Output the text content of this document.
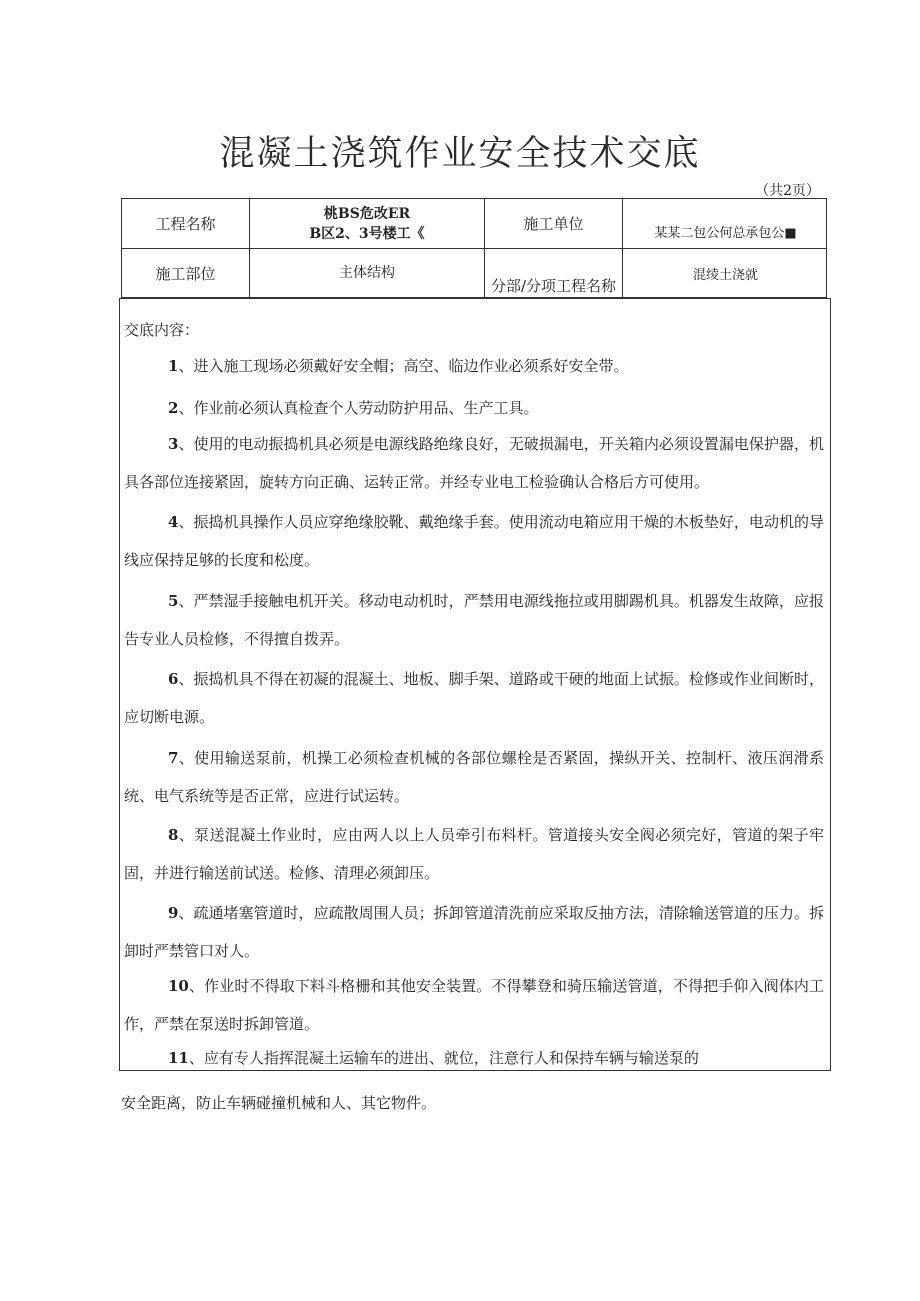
混凝土浇筑作业安全技术交底
（共2页）
工程名称
桃BS危改ER
B区2、3号楼工《
施工单位
某某二包公何总承包公■
施工部位	主体结构
分部/分项工程名称
混绫土浇就
交底内容：

1、进入施工现场必须戴好安全帽；高空、临边作业必须系好安全带。

2、作业前必须认真检查个人劳动防护用品、生产工具。

3、使用的电动振捣机具必须是电源线路绝缘良好，无破损漏电，开关箱内必须设置漏电保护器，机具各部位连接紧固，旋转方向正确、运转正常。并经专业电工检验确认合格后方可使用。

4、振捣机具操作人员应穿绝缘胶靴、戴绝缘手套。使用流动电箱应用干燥的木板垫好，电动机的导线应保持足够的长度和松度。

5、严禁湿手接触电机开关。移动电动机时，严禁用电源线拖拉或用脚踢机具。机器发生故障，应报告专业人员检修，不得擅自拨弄。

6、振捣机具不得在初凝的混凝土、地板、脚手架、道路或干硬的地面上试振。检修或作业间断时，应切断电源。

7、使用输送泵前，机操工必须检查机械的各部位螺栓是否紧固，操纵开关、控制杆、液压润滑系统、电气系统等是否正常，应进行试运转。

8、泵送混凝土作业时，应由两人以上人员牵引布料杆。管道接头安全阀必须完好，管道的架子牢固，并进行输送前试送。检修、清理必须卸压。

9、疏通堵塞管道时，应疏散周围人员；拆卸管道清洗前应采取反抽方法，清除输送管道的压力。拆卸时严禁管口对人。

10、作业时不得取下料斗格栅和其他安全装置。不得攀登和骑压输送管道，不得把手仰入阀体内工作，严禁在泵送时拆卸管道。

11、应有专人指挥混凝土运输车的进出、就位，注意行人和保持车辆与输送泵的

安全距离，防止车辆碰撞机械和人、其它物件。
